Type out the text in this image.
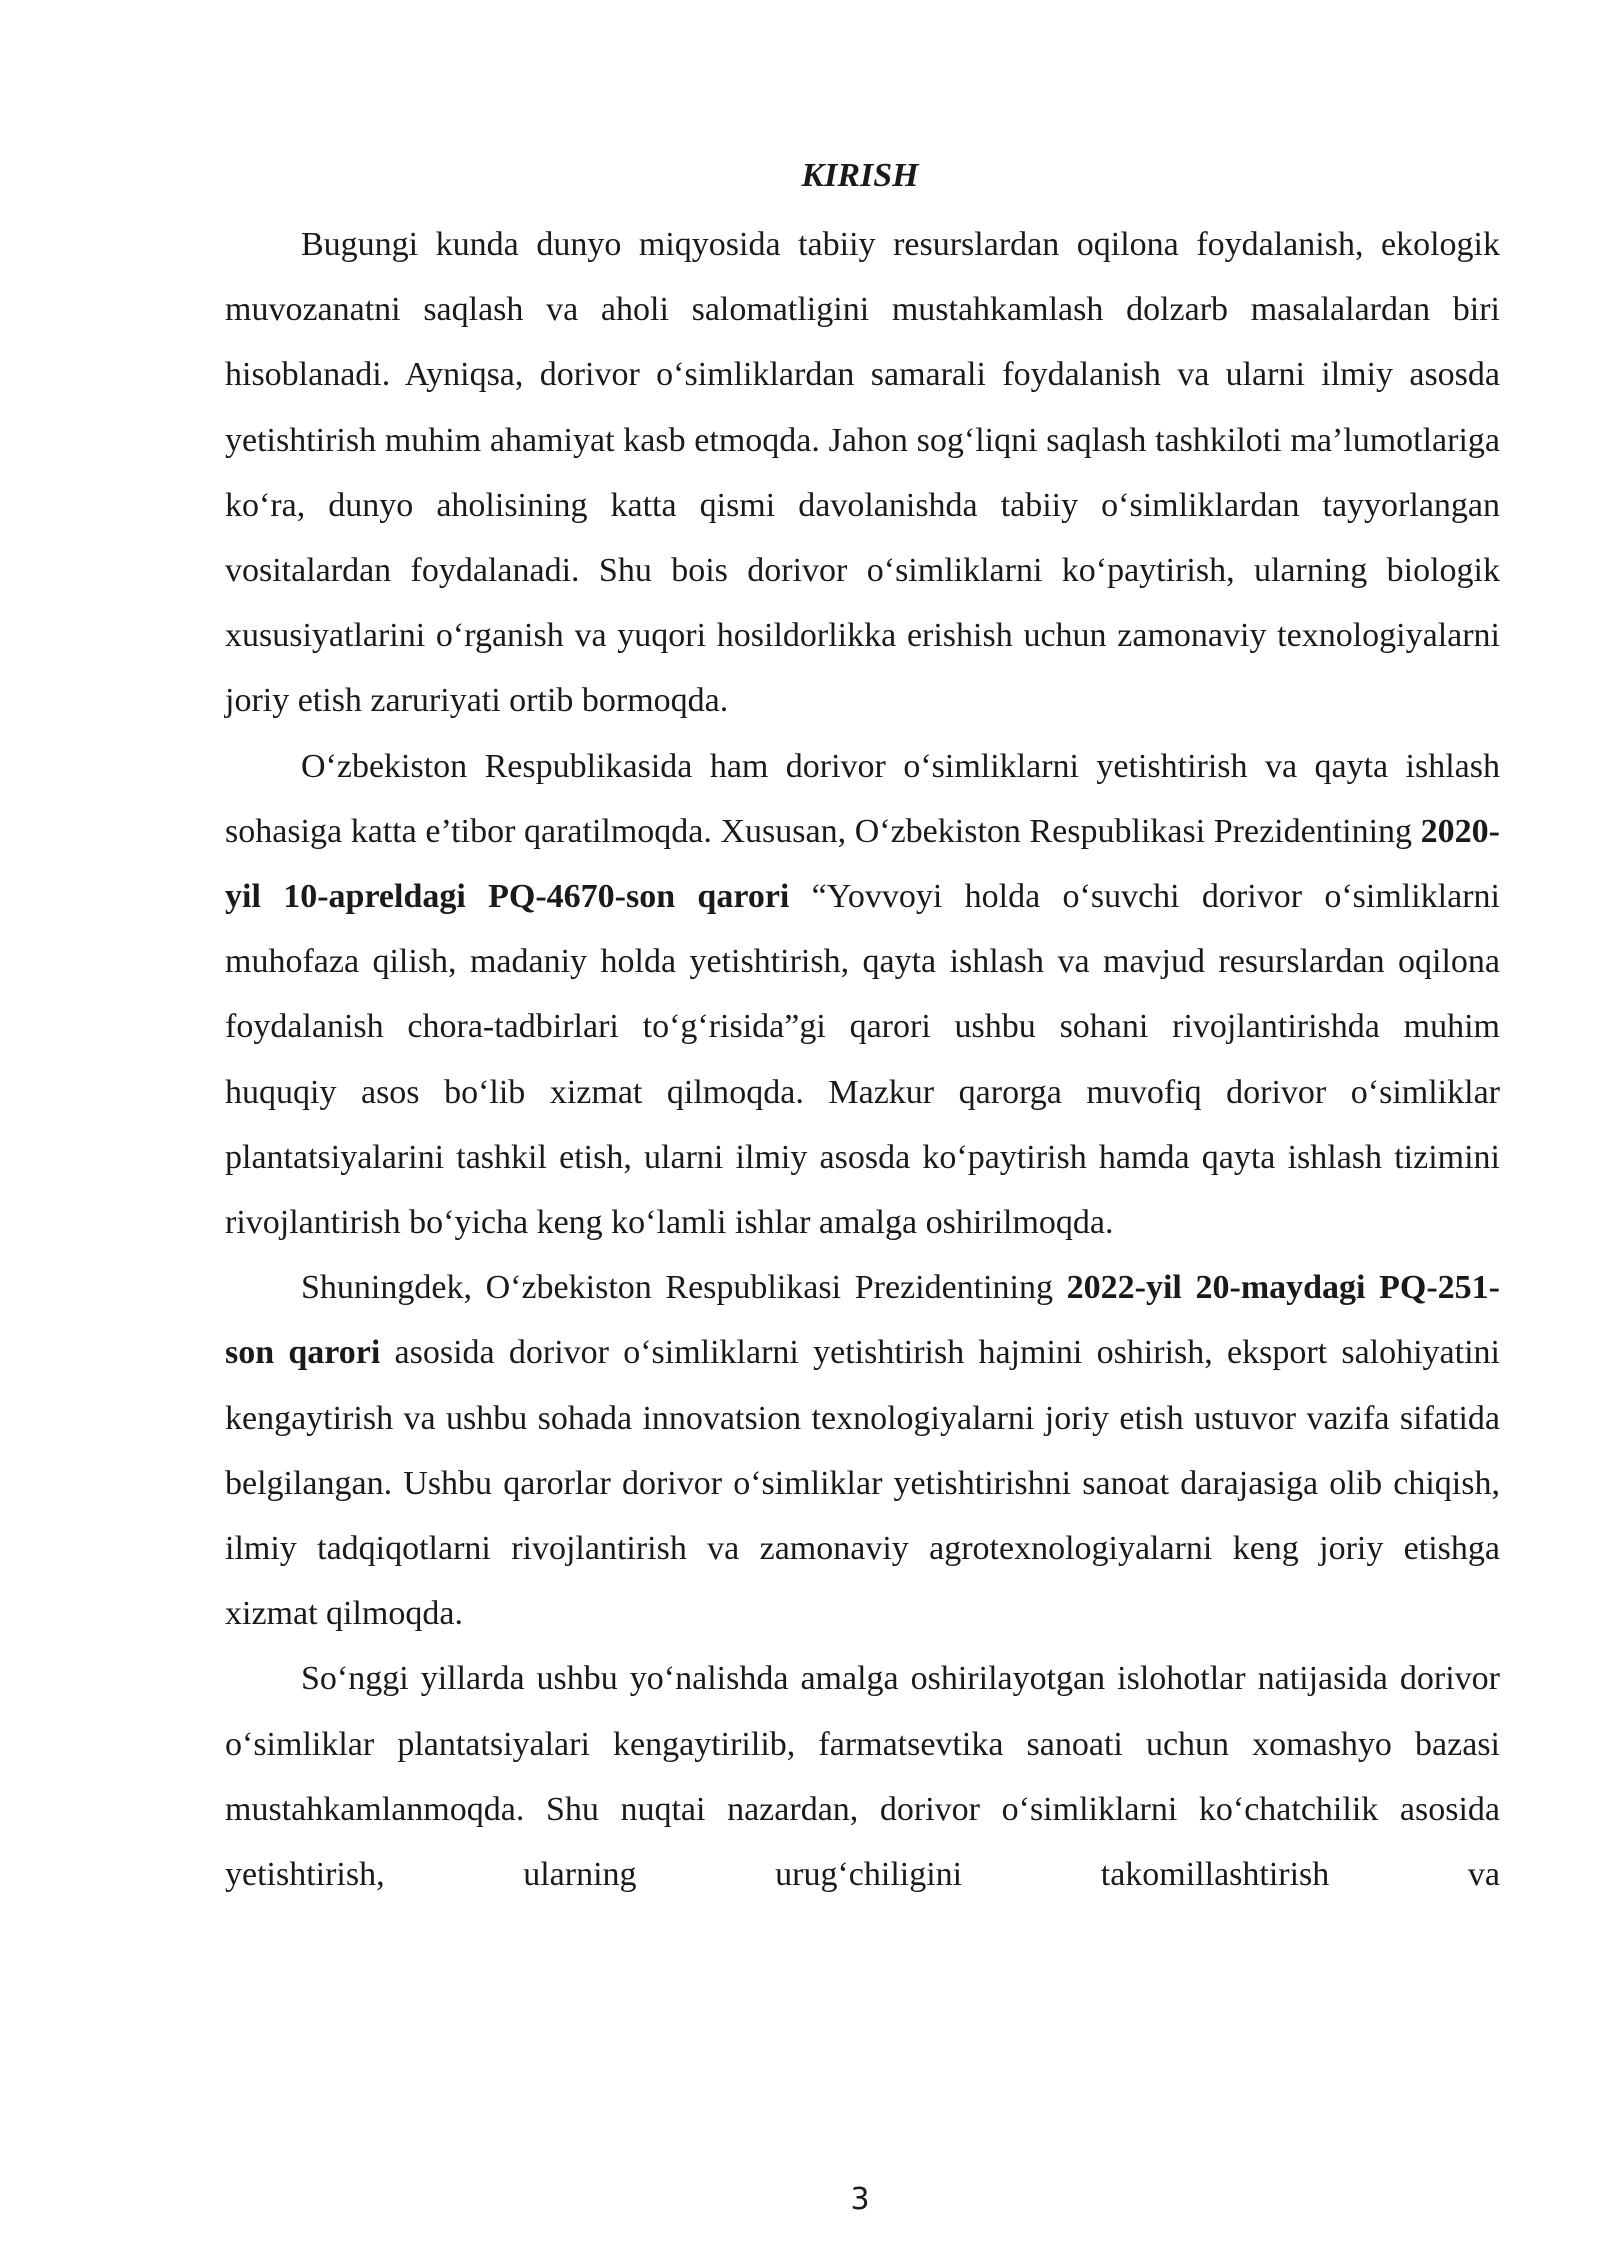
KIRISH

Bugungi kunda dunyo miqyosida tabiiy resurslardan oqilona foydalanish, ekologik muvozanatni saqlash va aholi salomatligini mustahkamlash dolzarb masalalardan biri hisoblanadi. Ayniqsa, dorivor o‘simliklardan samarali foydalanish va ularni ilmiy asosda yetishtirish muhim ahamiyat kasb etmoqda. Jahon sog‘liqni saqlash tashkiloti ma’lumotlariga ko‘ra, dunyo aholisining katta qismi davolanishda tabiiy o‘simliklardan tayyorlangan vositalardan foydalanadi. Shu bois dorivor o‘simliklarni ko‘paytirish, ularning biologik xususiyatlarini o‘rganish va yuqori hosildorlikka erishish uchun zamonaviy texnologiyalarni joriy etish zaruriyati ortib bormoqda.

O‘zbekiston Respublikasida ham dorivor o‘simliklarni yetishtirish va qayta ishlash sohasiga katta e’tibor qaratilmoqda. Xususan, O‘zbekiston Respublikasi Prezidentining 2020-yil 10-apreldagi PQ-4670-son qarori “Yovvoyi holda o‘suvchi dorivor o‘simliklarni muhofaza qilish, madaniy holda yetishtirish, qayta ishlash va mavjud resurslardan oqilona foydalanish chora-tadbirlari to‘g‘risida”gi qarori ushbu sohani rivojlantirishda muhim huquqiy asos bo‘lib xizmat qilmoqda. Mazkur qarorga muvofiq dorivor o‘simliklar plantatsiyalarini tashkil etish, ularni ilmiy asosda ko‘paytirish hamda qayta ishlash tizimini rivojlantirish bo‘yicha keng ko‘lamli ishlar amalga oshirilmoqda.

Shuningdek, O‘zbekiston Respublikasi Prezidentining 2022-yil 20-maydagi PQ-251-son qarori asosida dorivor o‘simliklarni yetishtirish hajmini oshirish, eksport salohiyatini kengaytirish va ushbu sohada innovatsion texnologiyalarni joriy etish ustuvor vazifa sifatida belgilangan. Ushbu qarorlar dorivor o‘simliklar yetishtirishni sanoat darajasiga olib chiqish, ilmiy tadqiqotlarni rivojlantirish va zamonaviy agrotexnologiyalarni keng joriy etishga xizmat qilmoqda.

So‘nggi yillarda ushbu yo‘nalishda amalga oshirilayotgan islohotlar natijasida dorivor o‘simliklar plantatsiyalari kengaytirilib, farmatsevtika sanoati uchun xomashyo bazasi mustahkamlanmoqda. Shu nuqtai nazardan, dorivor o‘simliklarni ko‘chatchilik asosida yetishtirish, ularning urug‘chiligini takomillashtirish va

3
